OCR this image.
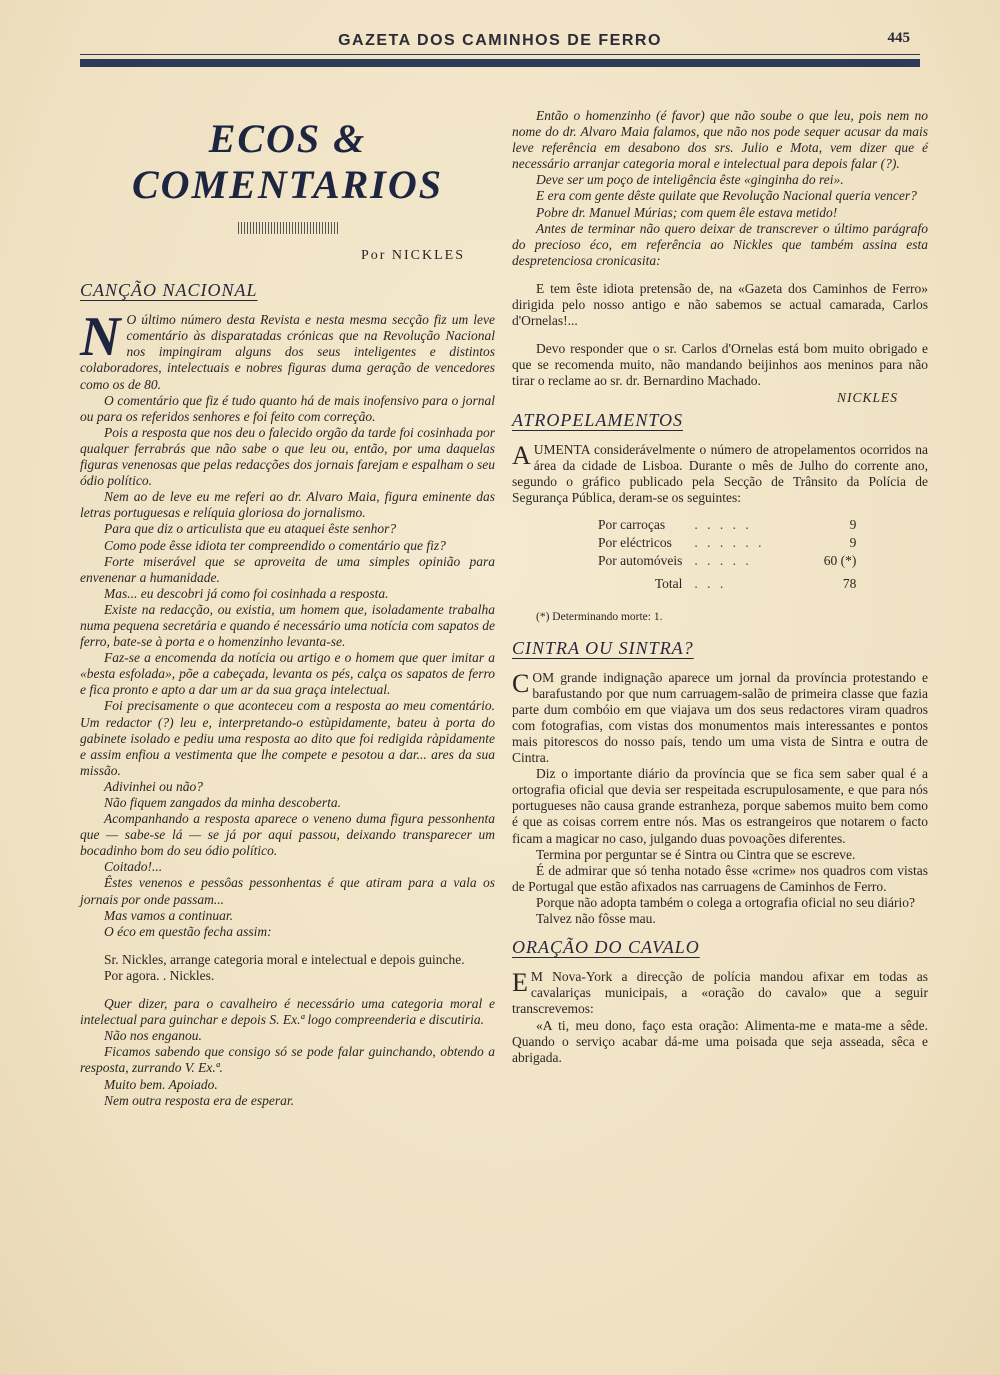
GAZETA DOS CAMINHOS DE FERRO	445
ECOS & COMENTARIOS
Por NICKLES
CANÇÃO NACIONAL

N O último número desta Revista e nesta mesma secção fiz um leve comentário às disparatadas crónicas que na Revolução Nacional nos impingiram alguns dos seus inteligentes e distintos colaboradores, intelectuais e nobres figuras duma geração de vencedores como os de 80.

O comentário que fiz é tudo quanto há de mais inofensivo para o jornal ou para os referidos senhores e foi feito com correção.

Pois a resposta que nos deu o falecido orgão da tarde foi cosinhada por qualquer ferrabrás que não sabe o que leu ou, então, por uma daquelas figuras venenosas que pelas redacções dos jornais farejam e espalham o seu ódio político.

Nem ao de leve eu me referi ao dr. Alvaro Maia, figura eminente das letras portuguesas e relíquia gloriosa do jornalismo.

Para que diz o articulista que eu ataquei êste senhor?

Como pode êsse idiota ter compreendido o comentário que fiz?

Forte miserável que se aproveita de uma simples opinião para envenenar a humanidade.

Mas... eu descobri já como foi cosinhada a resposta.

Existe na redacção, ou existia, um homem que, isoladamente trabalha numa pequena secretária e quando é necessário uma notícia com sapatos de ferro, bate-se à porta e o homenzinho levanta-se.

Faz-se a encomenda da notícia ou artigo e o homem que quer imitar a «besta esfolada», põe a cabeçada, levanta os pés, calça os sapatos de ferro e fica pronto e apto a dar um ar da sua graça intelectual.

Foi precisamente o que aconteceu com a resposta ao meu comentário. Um redactor (?) leu e, interpretando-o estùpidamente, bateu à porta do gabinete isolado e pediu uma resposta ao dito que foi redigida ràpidamente e assim enfiou a vestimenta que lhe compete e pesotou a dar... ares da sua missão.

Adivinhei ou não?

Não fiquem zangados da minha descoberta.

Acompanhando a resposta aparece o veneno duma figura pessonhenta que — sabe-se lá — se já por aqui passou, deixando transparecer um bocadinho bom do seu ódio político.

Coitado!...

Êstes venenos e pessôas pessonhentas é que atiram para a vala os jornais por onde passam...

Mas vamos a continuar.

O éco em questão fecha assim:

Sr. Nickles, arrange categoria moral e intelectual e depois guinche.

Por agora. . Nickles.

Quer dizer, para o cavalheiro é necessário uma categoria moral e intelectual para guinchar e depois S. Ex.ª logo compreenderia e discutiria.

Não nos enganou.

Ficamos sabendo que consigo só se pode falar guinchando, obtendo a resposta, zurrando V. Ex.ª.

Muito bem. Apoiado.

Nem outra resposta era de esperar.

Então o homenzinho (é favor) que não soube o que leu, pois nem no nome do dr. Alvaro Maia falamos, que não nos pode sequer acusar da mais leve referência em desabono dos srs. Julio e Mota, vem dizer que é necessário arranjar categoria moral e intelectual para depois falar (?).

Deve ser um poço de inteligência êste «ginginha do rei».

E era com gente dêste quilate que Revolução Nacional queria vencer?

Pobre dr. Manuel Múrias; com quem êle estava metido!

Antes de terminar não quero deixar de transcrever o último parágrafo do precioso éco, em referência ao Nickles que também assina esta despretenciosa cronicasita:

E tem êste idiota pretensão de, na «Gazeta dos Caminhos de Ferro» dirigida pelo nosso antigo e não sabemos se actual camarada, Carlos d'Ornelas!...

Devo responder que o sr. Carlos d'Ornelas está bom muito obrigado e que se recomenda muito, não mandando beijinhos aos meninos para não tirar o reclame ao sr. dr. Bernardino Machado.

NICKLES
ATROPELAMENTOS

AUMENTA considerávelmente o número de atropelamentos ocorridos na área da cidade de Lisboa. Durante o mês de Julho do corrente ano, segundo o gráfico publicado pela Secção de Trânsito da Polícia de Segurança Pública, deram-se os seguintes:

Por carroças	. . . . .	9
Por eléctricos	. . . . . .	9
Por automóveis	. . . . .	60 (*)
Total	. . .	78
(*) Determinando morte: 1.
CINTRA OU SINTRA?

COM grande indignação aparece um jornal da província protestando e barafustando por que num carruagem-salão de primeira classe que fazia parte dum combóio em que viajava um dos seus redactores viram quadros com fotografias, com vistas dos monumentos mais interessantes e pontos mais pitorescos do nosso país, tendo um uma vista de Sintra e outra de Cintra.

Diz o importante diário da província que se fica sem saber qual é a ortografia oficial que devia ser respeitada escrupulosamente, e que para nós portugueses não causa grande estranheza, porque sabemos muito bem como é que as coisas correm entre nós. Mas os estrangeiros que notarem o facto ficam a magicar no caso, julgando duas povoações diferentes.

Termina por perguntar se é Sintra ou Cintra que se escreve.

É de admirar que só tenha notado êsse «crime» nos quadros com vistas de Portugal que estão afixados nas carruagens de Caminhos de Ferro.

Porque não adopta também o colega a ortografia oficial no seu diário?

Talvez não fôsse mau.

ORAÇÃO DO CAVALO

E M Nova-York a direcção de polícia mandou afixar em todas as cavalariças municipais, a «oração do cavalo» que a seguir transcrevemos:

«A ti, meu dono, faço esta oração: Alimenta-me e mata-me a sêde. Quando o serviço acabar dá-me uma poisada que seja asseada, sêca e abrigada.
